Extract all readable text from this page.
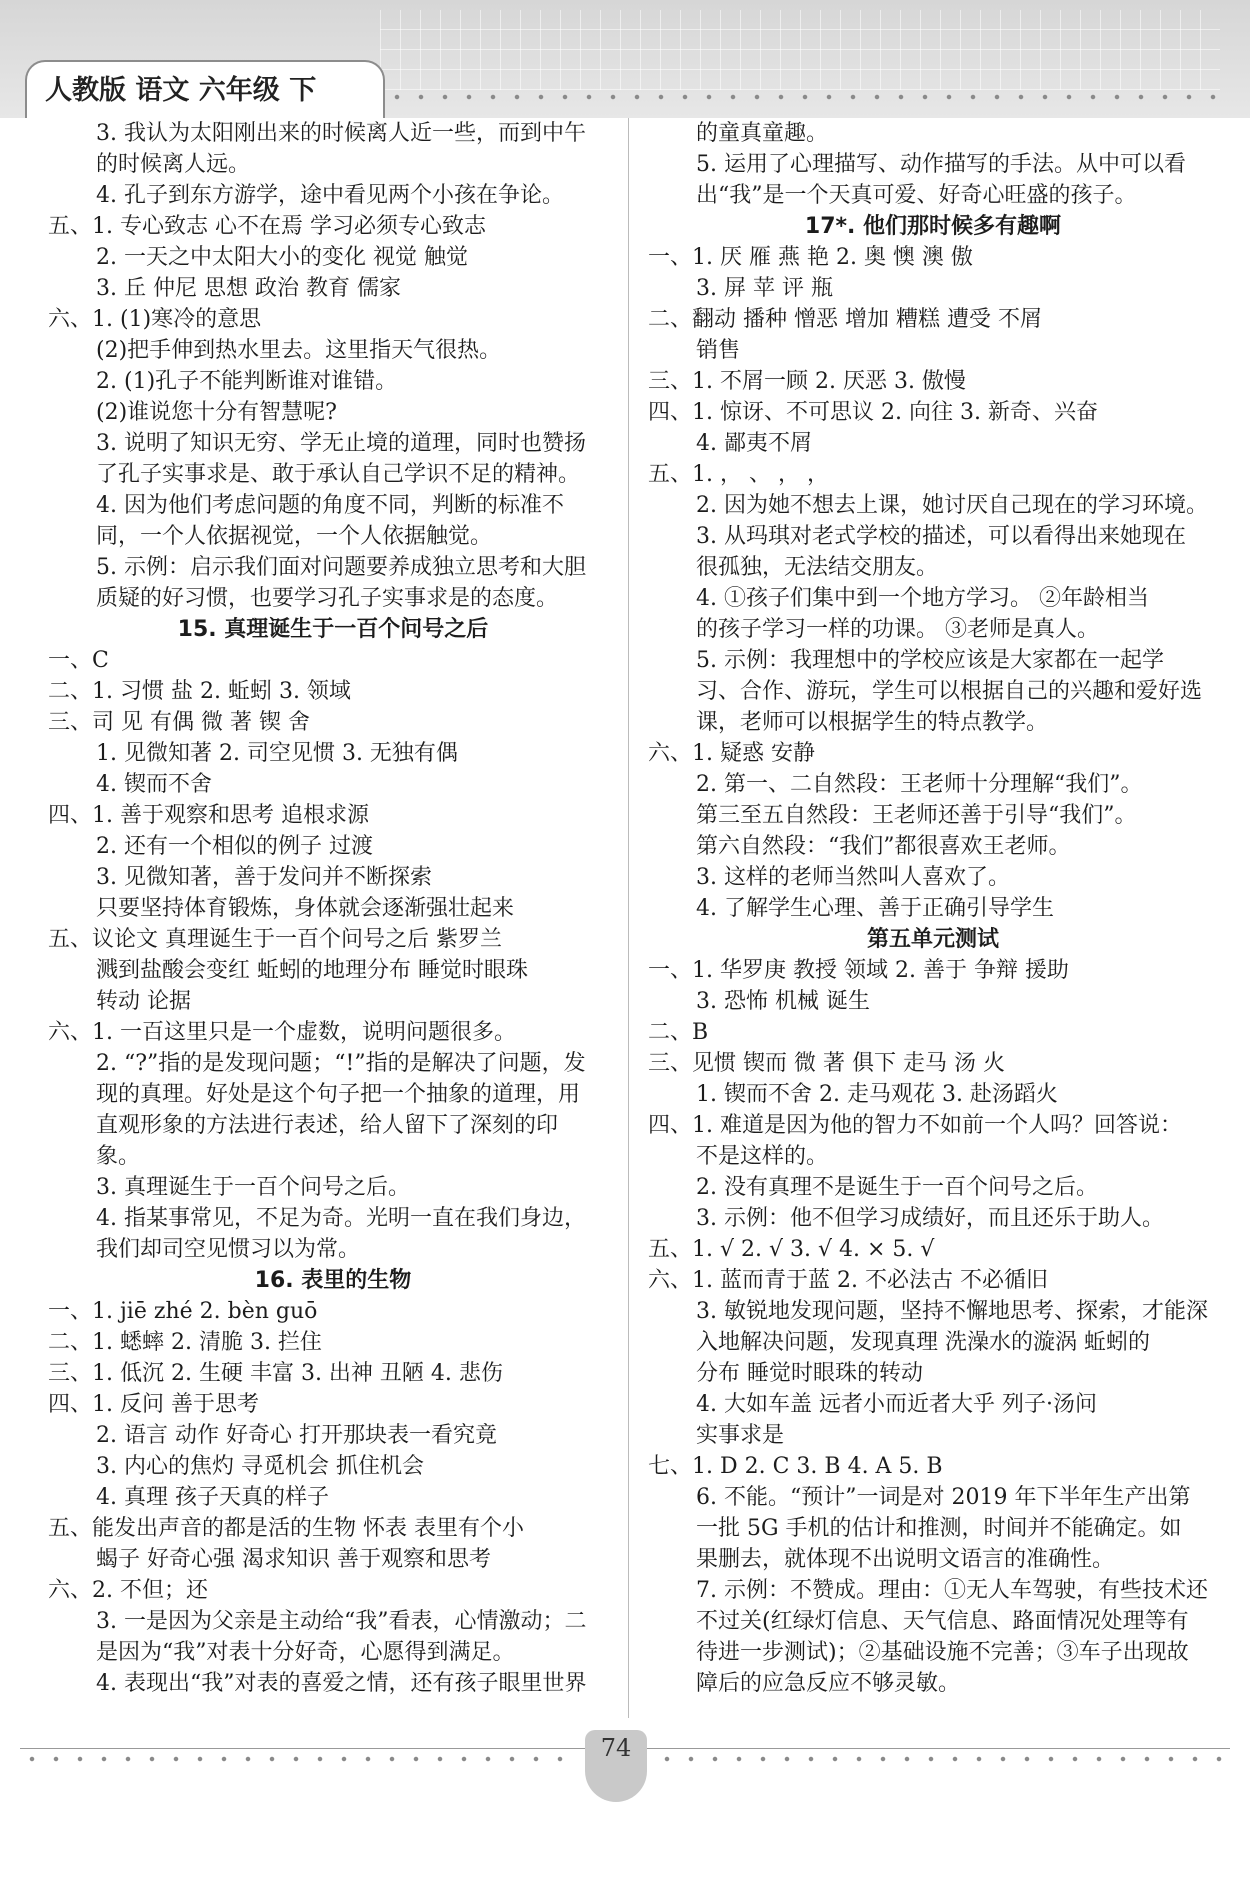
人教版 语文 六年级 下
3. 我认为太阳刚出来的时候离人近一些，而到中午
的时候离人远。
4. 孔子到东方游学，途中看见两个小孩在争论。
五、1. 专心致志 心不在焉 学习必须专心致志
2. 一天之中太阳大小的变化 视觉 触觉
3. 丘 仲尼 思想 政治 教育 儒家
六、1. (1)寒冷的意思
(2)把手伸到热水里去。这里指天气很热。
2. (1)孔子不能判断谁对谁错。
(2)谁说您十分有智慧呢?
3. 说明了知识无穷、学无止境的道理，同时也赞扬
了孔子实事求是、敢于承认自己学识不足的精神。
4. 因为他们考虑问题的角度不同，判断的标准不
同，一个人依据视觉，一个人依据触觉。
5. 示例：启示我们面对问题要养成独立思考和大胆
质疑的好习惯，也要学习孔子实事求是的态度。
15. 真理诞生于一百个问号之后
一、C
二、1. 习惯 盐 2. 蚯蚓 3. 领域
三、司 见 有偶 微 著 锲 舍
1. 见微知著 2. 司空见惯 3. 无独有偶
4. 锲而不舍
四、1. 善于观察和思考 追根求源
2. 还有一个相似的例子 过渡
3. 见微知著，善于发问并不断探索
只要坚持体育锻炼，身体就会逐渐强壮起来
五、议论文 真理诞生于一百个问号之后 紫罗兰
溅到盐酸会变红 蚯蚓的地理分布 睡觉时眼珠
转动 论据
六、1. 一百这里只是一个虚数，说明问题很多。
2. “?”指的是发现问题；“!”指的是解决了问题，发
现的真理。好处是这个句子把一个抽象的道理，用
直观形象的方法进行表述，给人留下了深刻的印
象。
3. 真理诞生于一百个问号之后。
4. 指某事常见，不足为奇。光明一直在我们身边，
我们却司空见惯习以为常。
16. 表里的生物
一、1. jiē zhé 2. bèn guō
二、1. 蟋蟀 2. 清脆 3. 拦住
三、1. 低沉 2. 生硬 丰富 3. 出神 丑陋 4. 悲伤
四、1. 反问 善于思考
2. 语言 动作 好奇心 打开那块表一看究竟
3. 内心的焦灼 寻觅机会 抓住机会
4. 真理 孩子天真的样子
五、能发出声音的都是活的生物 怀表 表里有个小
蝎子 好奇心强 渴求知识 善于观察和思考
六、2. 不但；还
3. 一是因为父亲是主动给“我”看表，心情激动；二
是因为“我”对表十分好奇，心愿得到满足。
4. 表现出“我”对表的喜爱之情，还有孩子眼里世界
的童真童趣。
5. 运用了心理描写、动作描写的手法。从中可以看
出“我”是一个天真可爱、好奇心旺盛的孩子。
17*. 他们那时候多有趣啊
一、1. 厌 雁 燕 艳 2. 奥 懊 澳 傲
3. 屏 苹 评 瓶
二、翻动 播种 憎恶 增加 糟糕 遭受 不屑
销售
三、1. 不屑一顾 2. 厌恶 3. 傲慢
四、1. 惊讶、不可思议 2. 向往 3. 新奇、兴奋
4. 鄙夷不屑
五、1. ， 、 ， ，
2. 因为她不想去上课，她讨厌自己现在的学习环境。
3. 从玛琪对老式学校的描述，可以看得出来她现在
很孤独，无法结交朋友。
4. ①孩子们集中到一个地方学习。 ②年龄相当
的孩子学习一样的功课。 ③老师是真人。
5. 示例：我理想中的学校应该是大家都在一起学
习、合作、游玩，学生可以根据自己的兴趣和爱好选
课，老师可以根据学生的特点教学。
六、1. 疑惑 安静
2. 第一、二自然段：王老师十分理解“我们”。
第三至五自然段：王老师还善于引导“我们”。
第六自然段：“我们”都很喜欢王老师。
3. 这样的老师当然叫人喜欢了。
4. 了解学生心理、善于正确引导学生
第五单元测试
一、1. 华罗庚 教授 领域 2. 善于 争辩 援助
3. 恐怖 机械 诞生
二、B
三、见惯 锲而 微 著 俱下 走马 汤 火
1. 锲而不舍 2. 走马观花 3. 赴汤蹈火
四、1. 难道是因为他的智力不如前一个人吗？回答说：
不是这样的。
2. 没有真理不是诞生于一百个问号之后。
3. 示例：他不但学习成绩好，而且还乐于助人。
五、1. √ 2. √ 3. √ 4. × 5. √
六、1. 蓝而青于蓝 2. 不必法古 不必循旧
3. 敏锐地发现问题，坚持不懈地思考、探索，才能深
入地解决问题，发现真理 洗澡水的漩涡 蚯蚓的
分布 睡觉时眼珠的转动
4. 大如车盖 远者小而近者大乎 列子·汤问
实事求是
七、1. D 2. C 3. B 4. A 5. B
6. 不能。“预计”一词是对 2019 年下半年生产出第
一批 5G 手机的估计和推测，时间并不能确定。如
果删去，就体现不出说明文语言的准确性。
7. 示例：不赞成。理由：①无人车驾驶，有些技术还
不过关(红绿灯信息、天气信息、路面情况处理等有
待进一步测试)；②基础设施不完善；③车子出现故
障后的应急反应不够灵敏。
74
